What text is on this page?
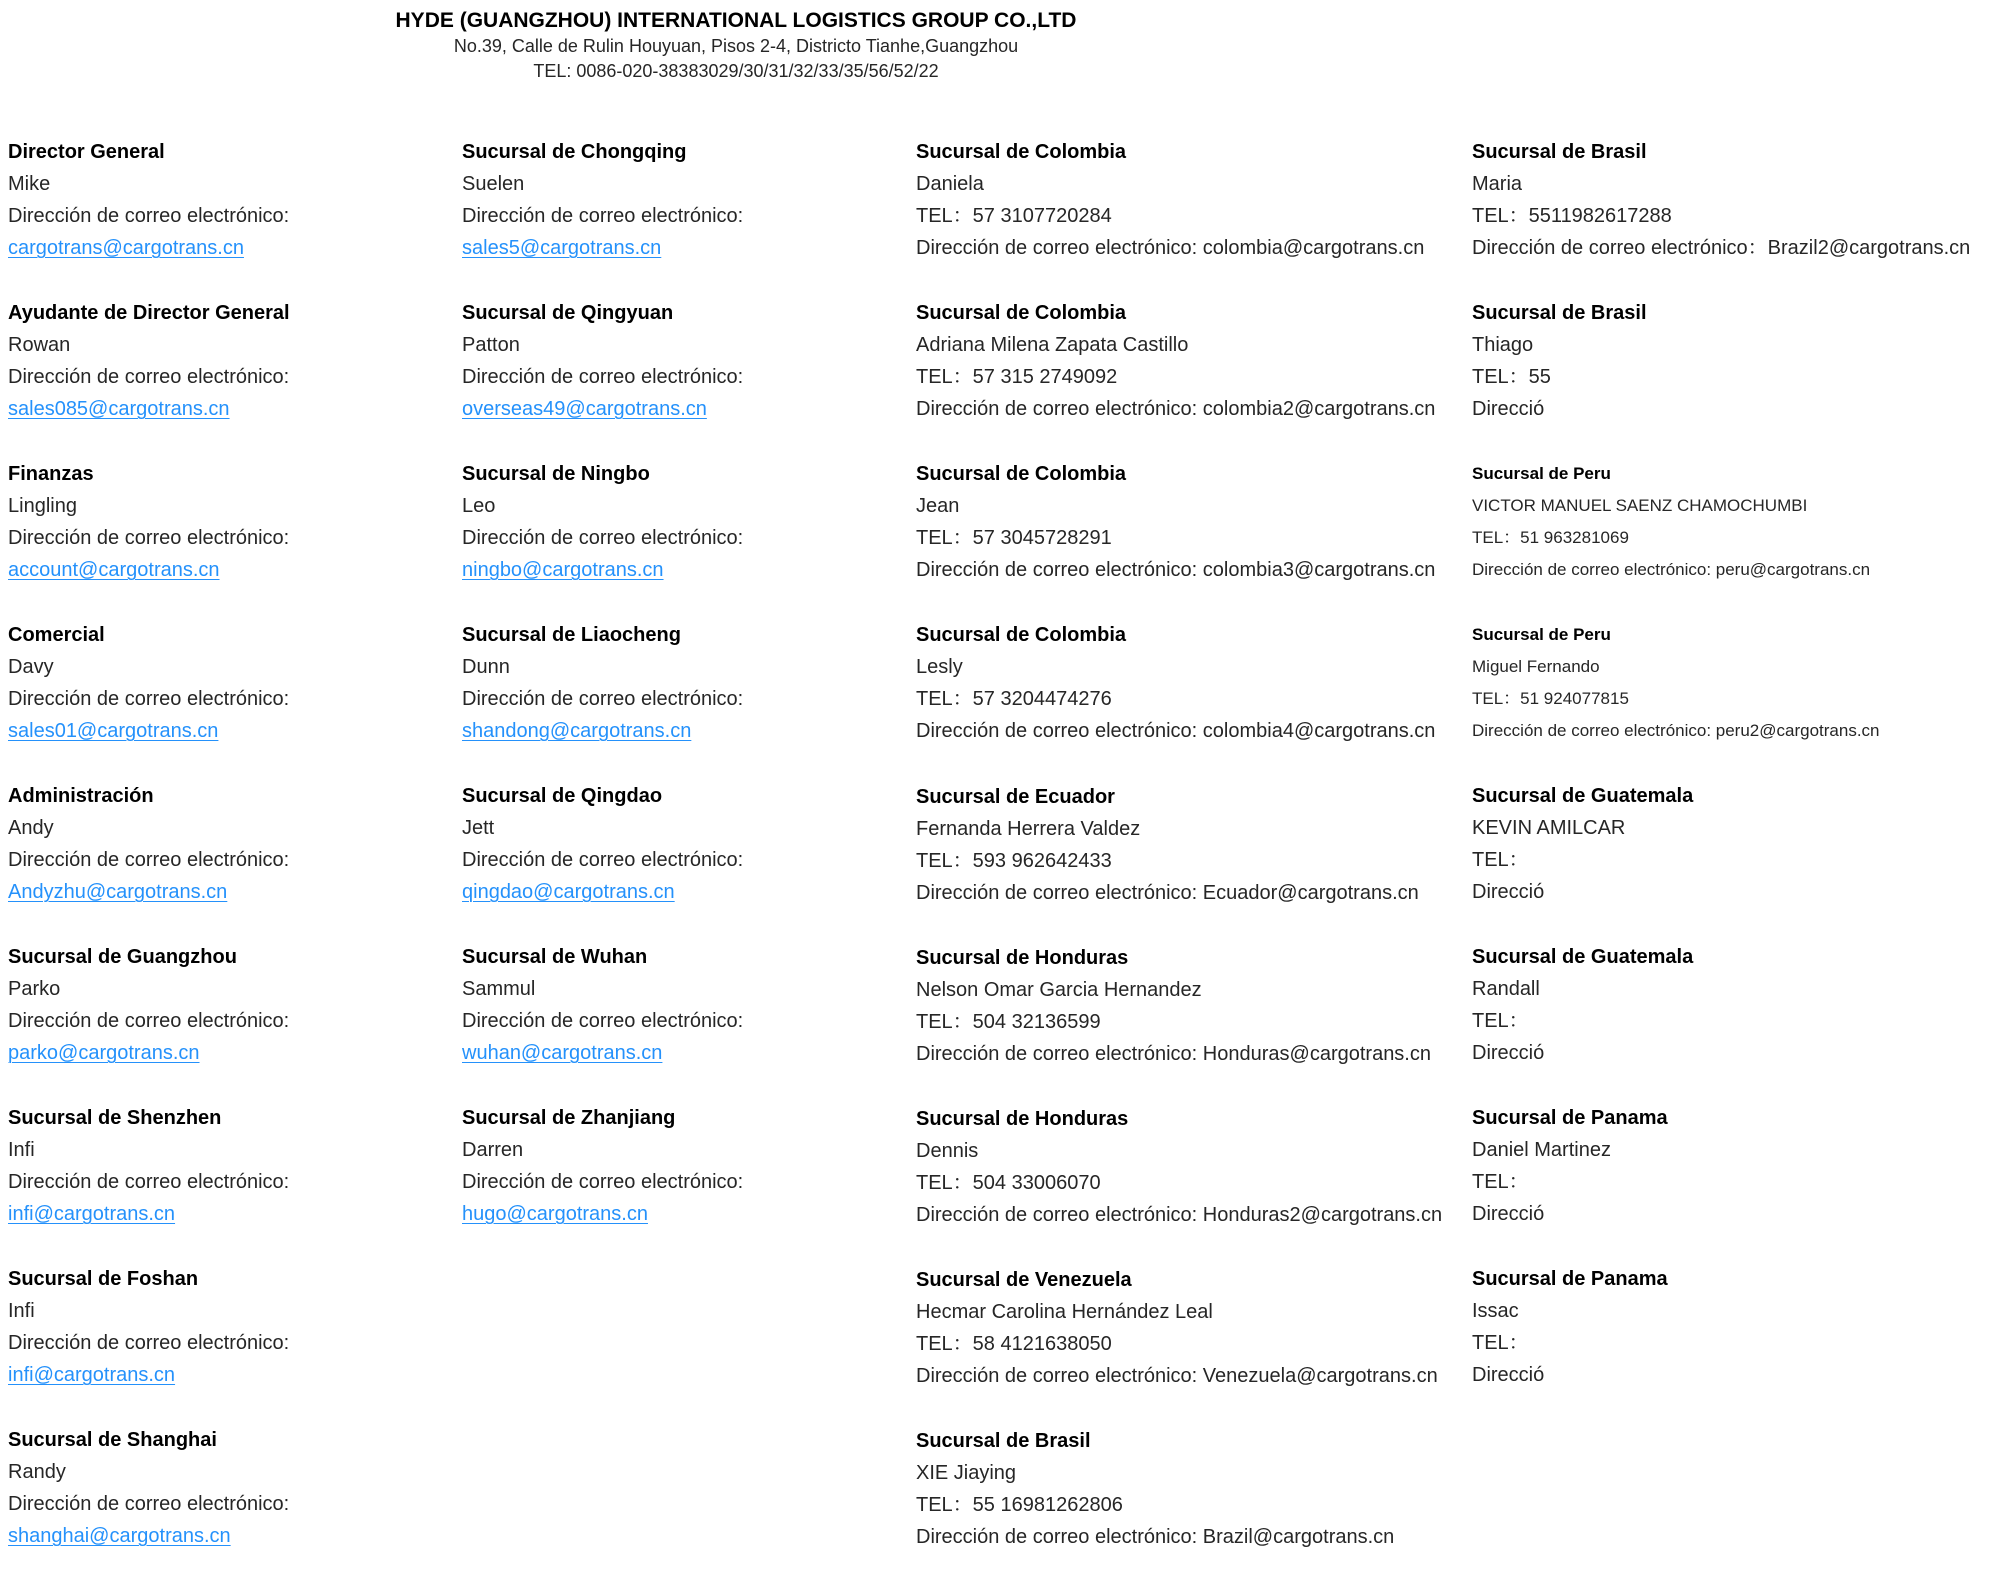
HYDE (GUANGZHOU) INTERNATIONAL LOGISTICS GROUP CO.,LTD
No.39, Calle de Rulin Houyuan, Pisos 2-4, Districto Tianhe,Guangzhou
TEL: 0086-020-38383029/30/31/32/33/35/56/52/22
Director General
Mike
Dirección de correo electrónico:
cargotrans@cargotrans.cn
Ayudante de Director General
Rowan
Dirección de correo electrónico:
sales085@cargotrans.cn
Finanzas
Lingling
Dirección de correo electrónico:
account@cargotrans.cn
Comercial
Davy
Dirección de correo electrónico:
sales01@cargotrans.cn
Administración
Andy
Dirección de correo electrónico:
Andyzhu@cargotrans.cn
Sucursal de Guangzhou
Parko
Dirección de correo electrónico:
parko@cargotrans.cn
Sucursal de Shenzhen
Infi
Dirección de correo electrónico:
infi@cargotrans.cn
Sucursal de Foshan
Infi
Dirección de correo electrónico:
infi@cargotrans.cn
Sucursal de Shanghai
Randy
Dirección de correo electrónico:
shanghai@cargotrans.cn
Sucursal de Chongqing
Suelen
Dirección de correo electrónico:
sales5@cargotrans.cn
Sucursal de Qingyuan
Patton
Dirección de correo electrónico:
overseas49@cargotrans.cn
Sucursal de Ningbo
Leo
Dirección de correo electrónico:
ningbo@cargotrans.cn
Sucursal de Liaocheng
Dunn
Dirección de correo electrónico:
shandong@cargotrans.cn
Sucursal de Qingdao
Jett
Dirección de correo electrónico:
qingdao@cargotrans.cn
Sucursal de Wuhan
Sammul
Dirección de correo electrónico:
wuhan@cargotrans.cn
Sucursal de Zhanjiang
Darren
Dirección de correo electrónico:
hugo@cargotrans.cn
Sucursal de Colombia
Daniela
TEL：57 3107720284
Dirección de correo electrónico: colombia@cargotrans.cn
Sucursal de Colombia
Adriana Milena Zapata Castillo
TEL：57 315 2749092
Dirección de correo electrónico: colombia2@cargotrans.cn
Sucursal de Colombia
Jean
TEL：57 3045728291
Dirección de correo electrónico: colombia3@cargotrans.cn
Sucursal de Colombia
Lesly
TEL：57 3204474276
Dirección de correo electrónico: colombia4@cargotrans.cn
Sucursal de Ecuador
Fernanda Herrera Valdez
TEL：593 962642433
Dirección de correo electrónico: Ecuador@cargotrans.cn
Sucursal de Honduras
Nelson Omar Garcia Hernandez
TEL：504 32136599
Dirección de correo electrónico: Honduras@cargotrans.cn
Sucursal de Honduras
Dennis
TEL：504 33006070
Dirección de correo electrónico: Honduras2@cargotrans.cn
Sucursal de Venezuela
Hecmar Carolina Hernández Leal
TEL：58 4121638050
Dirección de correo electrónico: Venezuela@cargotrans.cn
Sucursal de Brasil
XIE Jiaying
TEL：55 16981262806
Dirección de correo electrónico: Brazil@cargotrans.cn
Sucursal de Brasil
Maria
TEL：5511982617288
Dirección de correo electrónico：Brazil2@cargotrans.cn
Sucursal de Brasil
Thiago
TEL：55
Direcció
Sucursal de Peru
VICTOR MANUEL SAENZ CHAMOCHUMBI
TEL：51 963281069
Dirección de correo electrónico: peru@cargotrans.cn
Sucursal de Peru
Miguel Fernando
TEL：51 924077815
Dirección de correo electrónico: peru2@cargotrans.cn
Sucursal de Guatemala
KEVIN AMILCAR
TEL：
Direcció
Sucursal de Guatemala
Randall
TEL：
Direcció
Sucursal de Panama
Daniel Martinez
TEL：
Direcció
Sucursal de Panama
Issac
TEL：
Direcció
